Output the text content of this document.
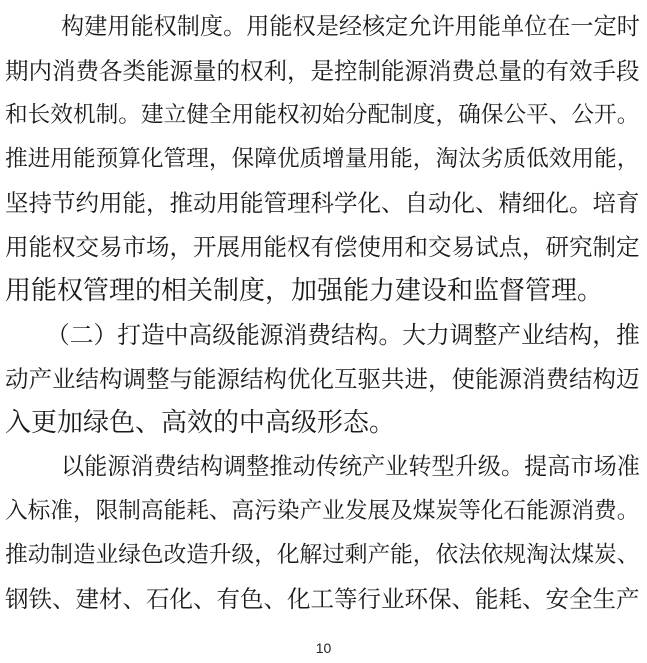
构建用能权制度。用能权是经核定允许用能单位在一定时
期内消费各类能源量的权利，是控制能源消费总量的有效手段
和长效机制。建立健全用能权初始分配制度，确保公平、公开。
推进用能预算化管理，保障优质增量用能，淘汰劣质低效用能，
坚持节约用能，推动用能管理科学化、自动化、精细化。培育
用能权交易市场，开展用能权有偿使用和交易试点，研究制定
用能权管理的相关制度，加强能力建设和监督管理。
（二）打造中高级能源消费结构。大力调整产业结构，推
动产业结构调整与能源结构优化互驱共进，使能源消费结构迈
入更加绿色、高效的中高级形态。
以能源消费结构调整推动传统产业转型升级。提高市场准
入标准，限制高能耗、高污染产业发展及煤炭等化石能源消费。
推动制造业绿色改造升级，化解过剩产能，依法依规淘汰煤炭、
钢铁、建材、石化、有色、化工等行业环保、能耗、安全生产
10
